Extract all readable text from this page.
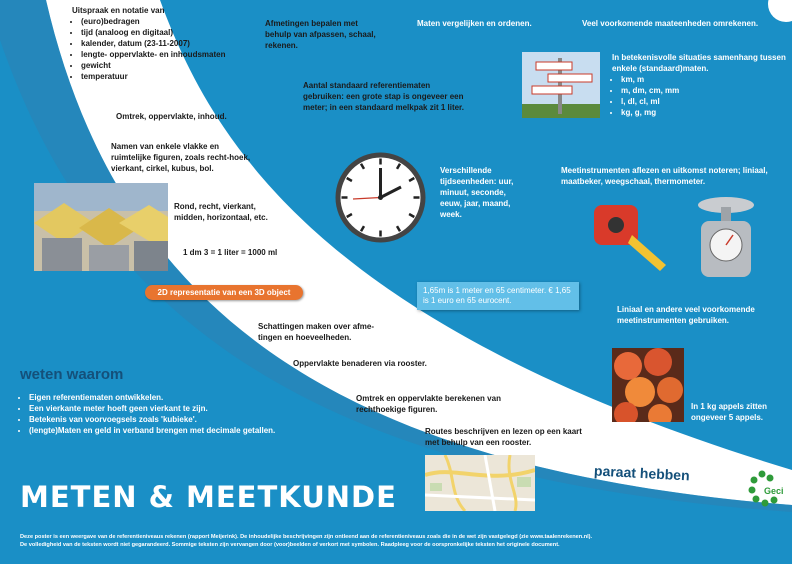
Uitspraak en notatie van
• (euro)bedragen
• tijd (analoog en digitaal)
• kalender, datum (23-11-2007)
• lengte- oppervlakte- en inhoudsmaten
• gewicht
• temperatuur
Omtrek, oppervlakte, inhoud.
Namen van enkele vlakke en ruimtelijke figuren, zoals recht-hoek, vierkant, cirkel, kubus, bol.
Rond, recht, vierkant, midden, horizontaal, etc.
1 dm 3 = 1 liter = 1000 ml
2D representatie van een 3D object
Schattingen maken over afme-tingen en hoeveelheden.
Oppervlakte benaderen via rooster.
Omtrek en oppervlakte berekenen van rechthoekige figuren.
Routes beschrijven en lezen op een kaart met behulp van een rooster.
Afmetingen bepalen met behulp van afpassen, schaal, rekenen.
Aantal standaard referentiematen gebruiken: een grote stap is ongeveer een meter; in een standaard melkpak zit 1 liter.
Verschillende tijdseenheden: uur, minuut, seconde, eeuw, jaar, maand, week.
1,65m is 1 meter en 65 centimeter. € 1,65 is 1 euro en 65 eurocent.
Maten vergelijken en ordenen.	Veel voorkomende maateenheden omrekenen.
In betekenisvolle situaties samenhang tussen enkele (standaard)maten.
• km, m
• m, dm, cm, mm
• l, dl, cl, ml
• kg, g, mg
Meetinstrumenten aflezen en uitkomst noteren; liniaal, maatbeker, weegschaal, thermometer.
Liniaal en andere veel voorkomende meetinstrumenten gebruiken.
In 1 kg appels zitten ongeveer 5 appels.
weten waarom
• Eigen referentiematen ontwikkelen.
• Een vierkante meter hoeft geen vierkant te zijn.
• Betekenis van voorvoegsels zoals 'kubieke'.
• (lengte)Maten en geld in verband brengen met decimale getallen.
METEN & MEETKUNDE
paraat hebben
Geci
Deze poster is een weergave van de referentieniveaus rekenen (rapport Meijerink). De inhoudelijke beschrijvingen zijn ontleend aan de referentieniveaus zoals die in de wet zijn vastgelegd (zie www.taalenrekenen.nl).
De volledigheid van de teksten wordt niet gegarandeerd. Sommige teksten zijn vervangen door (voor)beelden of verkort met symbolen. Raadpleeg voor de oorspronkelijke teksten het originele document.
